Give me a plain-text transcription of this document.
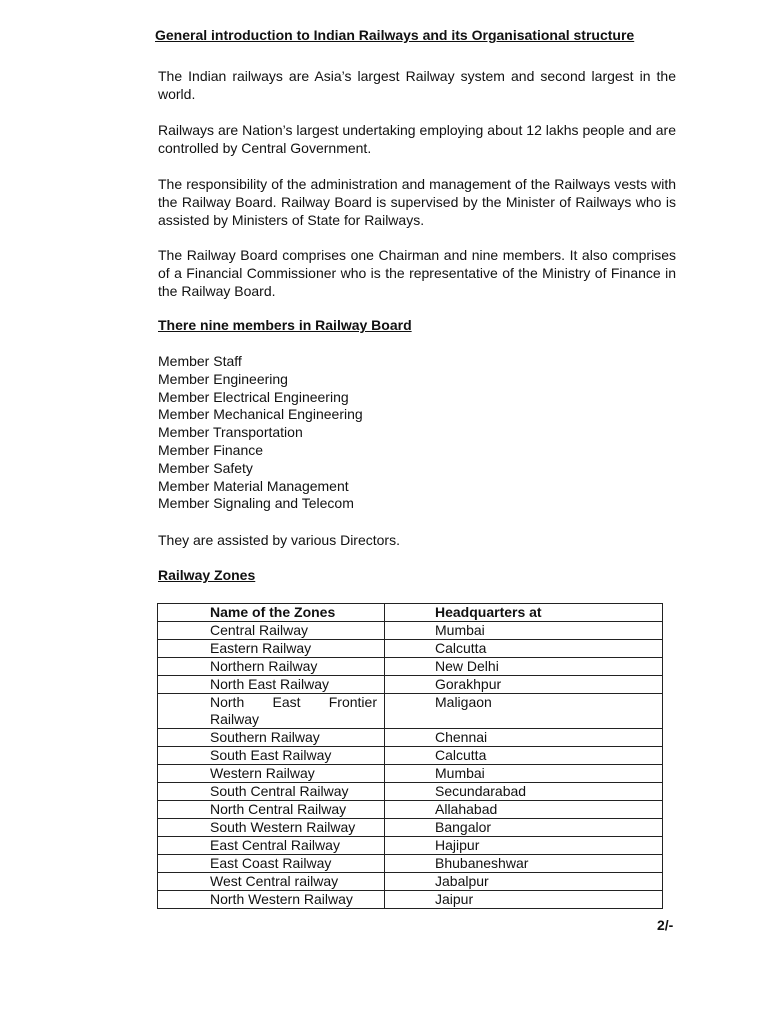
General introduction to Indian Railways and its Organisational structure

The Indian railways are Asia’s largest Railway system and second largest in the world.

Railways are Nation’s largest undertaking employing about 12 lakhs people and are controlled by Central Government.

The responsibility of the administration and management of the Railways vests with the Railway Board. Railway Board is supervised by the Minister of Railways who is assisted by Ministers of State for Railways.

The Railway Board comprises one Chairman and nine members. It also comprises of a Financial Commissioner who is the representative of the Ministry of Finance in the Railway Board.

There nine members in Railway Board
Member Staff
Member Engineering
Member Electrical Engineering
Member Mechanical Engineering
Member Transportation
Member Finance
Member Safety
Member Material Management
Member Signaling and Telecom

They are assisted by various Directors.

Railway Zones
Name of the Zones	Headquarters at
Central Railway	Mumbai
Eastern Railway	Calcutta
Northern Railway	New Delhi
North East Railway	Gorakhpur

North East Frontier
Railway	Maligaon
Southern Railway	Chennai
South East Railway	Calcutta
Western Railway	Mumbai
South Central Railway	Secundarabad
North Central Railway	Allahabad
South Western Railway	Bangalor
East Central Railway	Hajipur
East Coast Railway	Bhubaneshwar
West Central railway	Jabalpur
North Western Railway	Jaipur

2/-
